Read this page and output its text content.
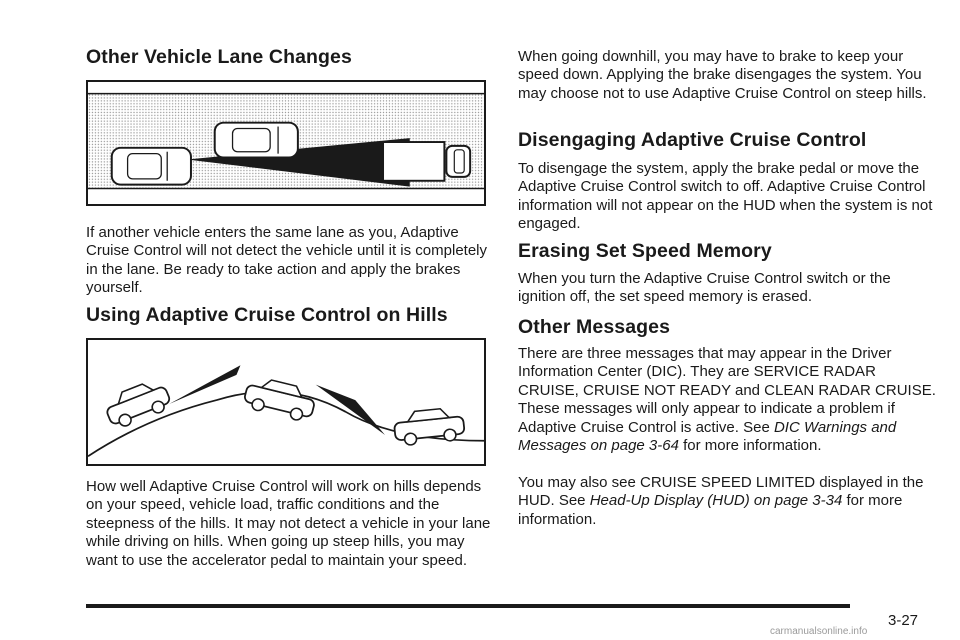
Other Vehicle Lane Changes

If another vehicle enters the same lane as you, Adaptive Cruise Control will not detect the vehicle until it is completely in the lane. Be ready to take action and apply the brakes yourself.

Using Adaptive Cruise Control on Hills

How well Adaptive Cruise Control will work on hills depends on your speed, vehicle load, traffic conditions and the steepness of the hills. It may not detect a vehicle in your lane while driving on hills. When going up steep hills, you may want to use the accelerator pedal to maintain your speed.

When going downhill, you may have to brake to keep your speed down. Applying the brake disengages the system. You may choose not to use Adaptive Cruise Control on steep hills.

Disengaging Adaptive Cruise Control

To disengage the system, apply the brake pedal or move the Adaptive Cruise Control switch to off. Adaptive Cruise Control information will not appear on the HUD when the system is not engaged.

Erasing Set Speed Memory

When you turn the Adaptive Cruise Control switch or the ignition off, the set speed memory is erased.

Other Messages

There are three messages that may appear in the Driver Information Center (DIC). They are SERVICE RADAR CRUISE, CRUISE NOT READY and CLEAN RADAR CRUISE. These messages will only appear to indicate a problem if Adaptive Cruise Control is active. See DIC Warnings and Messages on page 3-64 for more information.

You may also see CRUISE SPEED LIMITED displayed in the HUD. See Head-Up Display (HUD) on page 3-34 for more information.

3-27
carmanualsonline.info
